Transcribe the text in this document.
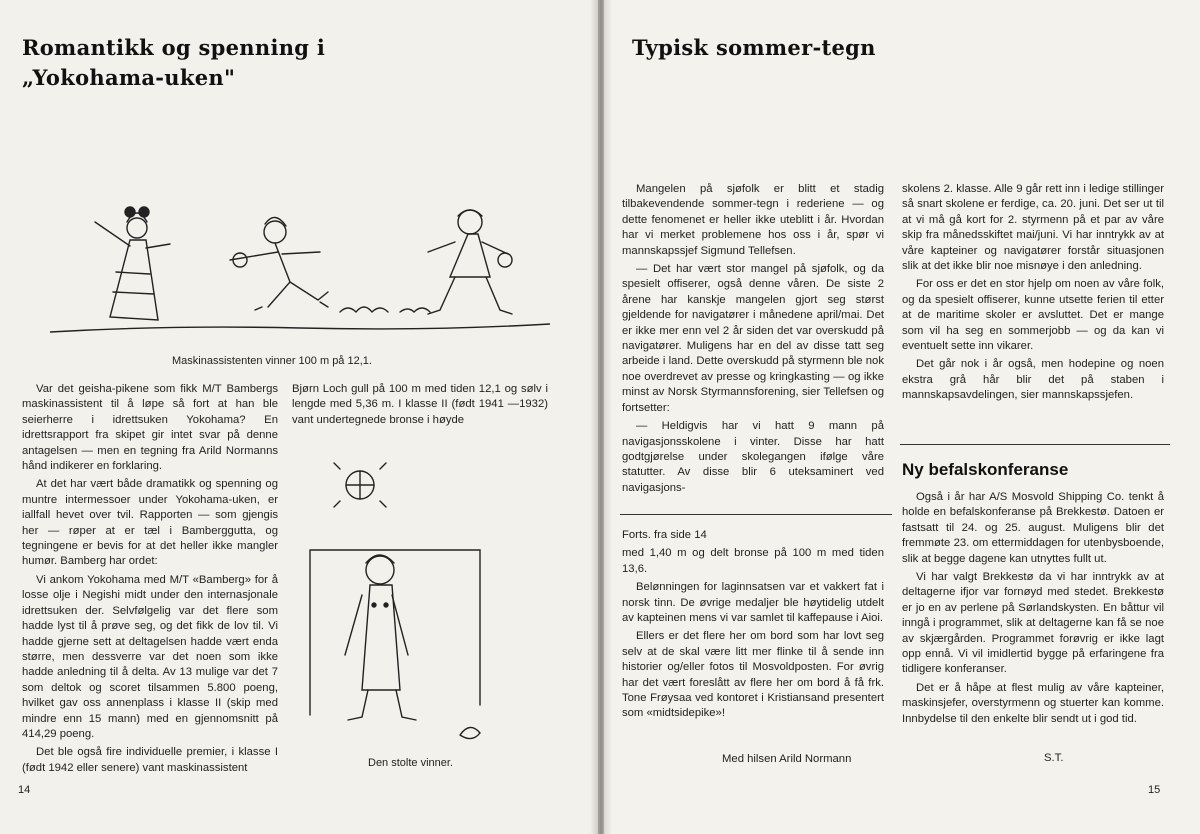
Romantikk og spenning i
„Yokohama-uken"
Maskinassistenten vinner 100 m på 12,1.

Var det geisha-pikene som fikk M/T Bambergs maskinassistent til å løpe så fort at han ble seierherre i idrettsuken Yokohama? En idrettsrapport fra skipet gir intet svar på denne antagelsen — men en tegning fra Arild Normanns hånd indikerer en forklaring.

At det har vært både dramatikk og spenning og muntre intermessoer under Yokohama-uken, er iallfall hevet over tvil. Rapporten — som gjengis her — røper at er tæl i Bamberggutta, og tegningene er bevis for at det heller ikke mangler humør. Bamberg har ordet:

Vi ankom Yokohama med M/T «Bamberg» for å losse olje i Negishi midt under den internasjonale idrettsuken der. Selvfølgelig var det flere som hadde lyst til å prøve seg, og det fikk de lov til. Vi hadde gjerne sett at deltagelsen hadde vært enda større, men dessverre var det noen som ikke hadde anledning til å delta. Av 13 mulige var det 7 som deltok og scoret tilsammen 5.800 poeng, hvilket gav oss annenplass i klasse II (skip med mindre enn 15 mann) med en gjennomsnitt på 414,29 poeng.

Det ble også fire individuelle premier, i klasse I (født 1942 eller senere) vant maskinassistent

Bjørn Loch gull på 100 m med tiden 12,1 og sølv i lengde med 5,36 m. I klasse II (født 1941 —1932) vant undertegnede bronse i høyde

Den stolte vinner.
14
Typisk sommer-tegn

Mangelen på sjøfolk er blitt et stadig tilbakevendende sommer-tegn i rederiene — og dette fenomenet er heller ikke uteblitt i år. Hvordan har vi merket problemene hos oss i år, spør vi mannskapssjef Sigmund Tellefsen.

— Det har vært stor mangel på sjøfolk, og da spesielt offiserer, også denne våren. De siste 2 årene har kanskje mangelen gjort seg størst gjeldende for navigatører i månedene april/mai. Det er ikke mer enn vel 2 år siden det var overskudd på navigatører. Muligens har en del av disse tatt seg arbeide i land. Dette overskudd på styrmenn ble nok noe overdrevet av presse og kringkasting — og ikke minst av Norsk Styrmannsforening, sier Tellefsen og fortsetter:

— Heldigvis har vi hatt 9 mann på navigasjonsskolene i vinter. Disse har hatt godtgjørelse under skolegangen ifølge våre statutter. Av disse blir 6 uteksaminert ved navigasjons-

Forts. fra side 14

med 1,40 m og delt bronse på 100 m med tiden 13,6.

Belønningen for laginnsatsen var et vakkert fat i norsk tinn. De øvrige medaljer ble høytidelig utdelt av kapteinen mens vi var samlet til kaffepause i Aioi.

Ellers er det flere her om bord som har lovt seg selv at de skal være litt mer flinke til å sende inn historier og/eller fotos til Mosvoldposten. For øvrig har det vært foreslått av flere her om bord å få frk. Tone Frøysaa ved kontoret i Kristiansand presentert som «midtsidepike»!

Med hilsen Arild Normann

skolens 2. klasse. Alle 9 går rett inn i ledige stillinger så snart skolene er ferdige, ca. 20. juni. Det ser ut til at vi må gå kort for 2. styrmenn på et par av våre skip fra månedsskiftet mai/juni. Vi har inntrykk av at våre kapteiner og navigatører forstår situasjonen slik at det ikke blir noe misnøye i den anledning.

For oss er det en stor hjelp om noen av våre folk, og da spesielt offiserer, kunne utsette ferien til etter at de maritime skoler er avsluttet. Det er mange som vil ha seg en sommerjobb — og da kan vi eventuelt sette inn vikarer.

Det går nok i år også, men hodepine og noen ekstra grå hår blir det på staben i mannskapsavdelingen, sier mannskapssjefen.

Ny befalskonferanse

Også i år har A/S Mosvold Shipping Co. tenkt å holde en befalskonferanse på Brekkestø. Datoen er fastsatt til 24. og 25. august. Muligens blir det fremmøte 23. om ettermiddagen for utenbysboende, slik at begge dagene kan utnyttes fullt ut.

Vi har valgt Brekkestø da vi har inntrykk av at deltagerne ifjor var fornøyd med stedet. Brekkestø er jo en av perlene på Sørlandskysten. En båttur vil inngå i programmet, slik at deltagerne kan få se noe av skjærgården. Programmet forøvrig er ikke lagt opp ennå. Vi vil imidlertid bygge på erfaringene fra tidligere konferanser.

Det er å håpe at flest mulig av våre kapteiner, maskinsjefer, overstyrmenn og stuerter kan komme. Innbydelse til den enkelte blir sendt ut i god tid.

S.T.
15
